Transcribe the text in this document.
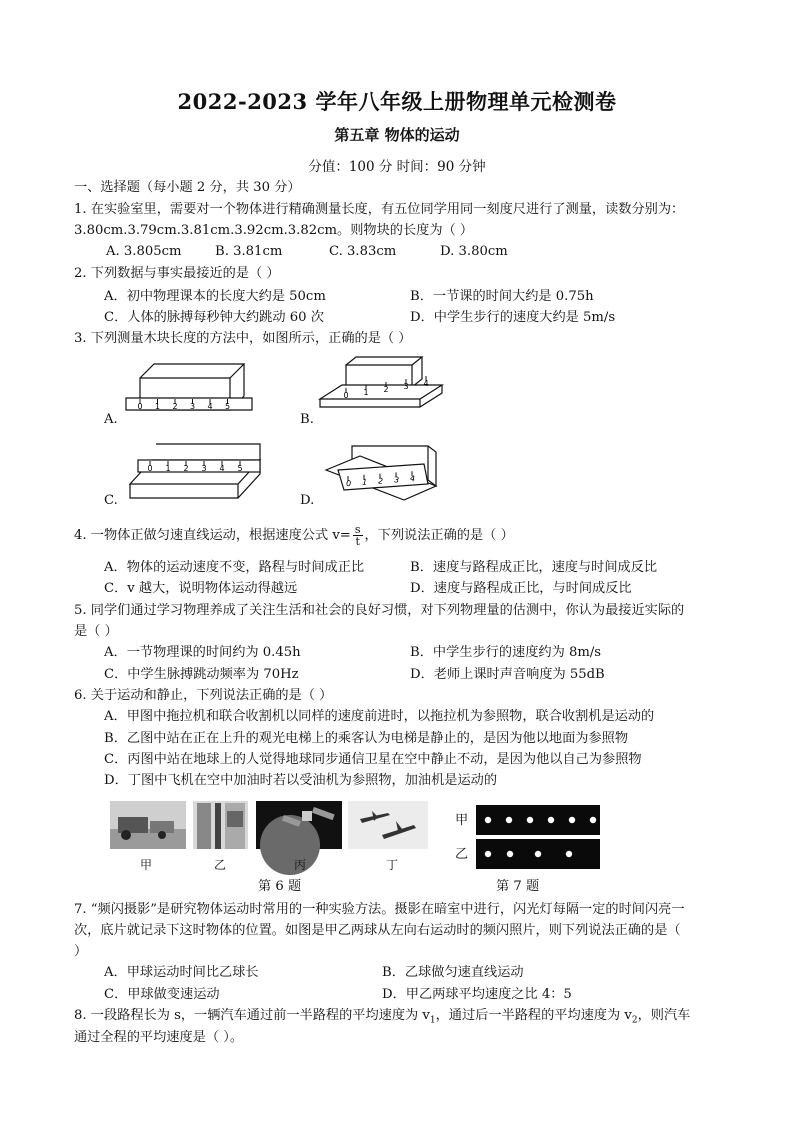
2022-2023 学年八年级上册物理单元检测卷
第五章 物体的运动
分值：100 分 时间：90 分钟
一、选择题（每小题 2 分，共 30 分）
1. 在实验室里，需要对一个物体进行精确测量长度，有五位同学用同一刻度尺进行了测量，读数分别为：
3.80cm.3.79cm.3.81cm.3.92cm.3.82cm。则物块的长度为（ ）
A. 3.805cm	B. 3.81cm	C. 3.83cm	D. 3.80cm
2. 下列数据与事实最接近的是（ ）
A．初中物理课本的长度大约是 50cm	B．一节课的时间大约是 0.75h
C．人体的脉搏每秒钟大约跳动 60 次	D．中学生步行的速度大约是 5m/s
3. 下列测量木块长度的方法中，如图所示，正确的是（ ）
0 1 2 3 4 5
A.
0 1 2 3 4
B.
0 1 2 3 4 5
C.
0 1 2 3 4
D.
4. 一物体正做匀速直线运动，根据速度公式 $v= \frac{s}{t}$ ，下列说法正确的是（ ）
A．物体的运动速度不变，路程与时间成正比	B．速度与路程成正比，速度与时间成反比
C．v 越大，说明物体运动得越远	D．速度与路程成正比，与时间成反比
5. 同学们通过学习物理养成了关注生活和社会的良好习惯，对下列物理量的估测中，你认为最接近实际的
是（ ）
A．一节物理课的时间约为 0.45h	B．中学生步行的速度约为 8m/s
C．中学生脉搏跳动频率为 70Hz	D．老师上课时声音响度为 55dB
6. 关于运动和静止，下列说法正确的是（ ）
A．甲图中拖拉机和联合收割机以同样的速度前进时，以拖拉机为参照物，联合收割机是运动的
B．乙图中站在正在上升的观光电梯上的乘客认为电梯是静止的，是因为他以地面为参照物
C．丙图中站在地球上的人觉得地球同步通信卫星在空中静止不动，是因为他以自己为参照物
D．丁图中飞机在空中加油时若以受油机为参照物，加油机是运动的
甲	乙	丙	丁
第 6 题
甲
乙
第 7 题
7. “频闪摄影”是研究物体运动时常用的一种实验方法。摄影在暗室中进行，闪光灯每隔一定的时间闪亮一
次，底片就记录下这时物体的位置。如图是甲乙两球从左向右运动时的频闪照片，则下列说法正确的是（
）
A．甲球运动时间比乙球长	B．乙球做匀速直线运动
C．甲球做变速运动	D．甲乙两球平均速度之比 4：5
8. 一段路程长为 s，一辆汽车通过前一半路程的平均速度为 $v_1$，通过后一半路程的平均速度为 $v_2$，则汽车
通过全程的平均速度是（ ）。
